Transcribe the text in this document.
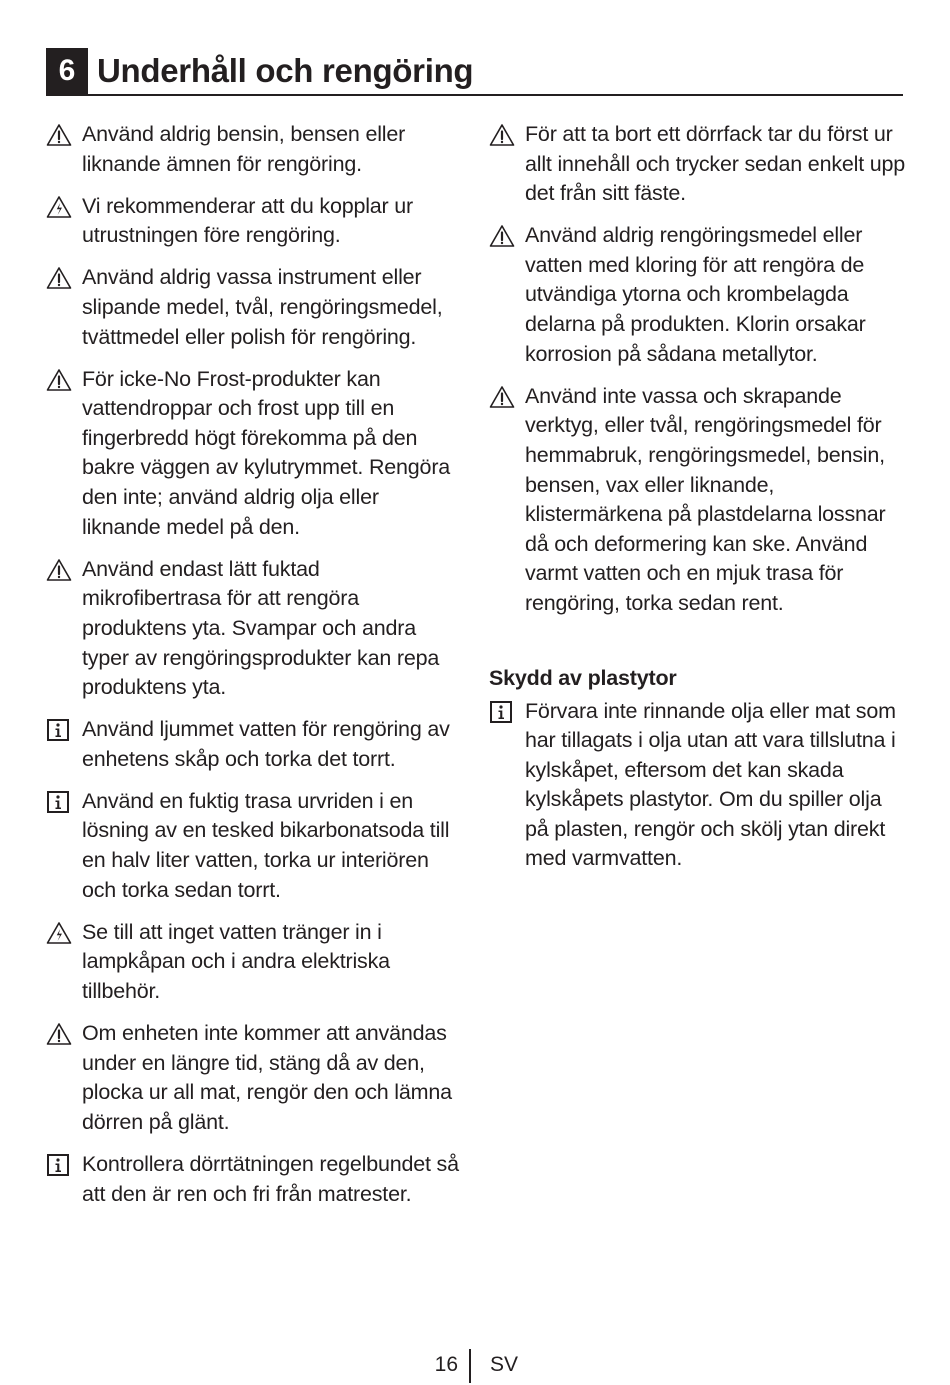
6 Underhåll och rengöring
Använd aldrig bensin, bensen eller liknande ämnen för rengöring.
Vi rekommenderar att du kopplar ur utrustningen före rengöring.
Använd aldrig vassa instrument eller slipande medel, tvål, rengöringsmedel, tvättmedel eller polish för rengöring.
För icke-No Frost-produkter kan vattendroppar och frost upp till en fingerbredd högt förekomma på den bakre väggen av kylutrymmet. Rengöra den inte; använd aldrig olja eller liknande medel på den.
Använd endast lätt fuktad mikrofibertrasa för att rengöra produktens yta. Svampar och andra typer av rengöringsprodukter kan repa produktens yta.
Använd ljummet vatten för rengöring av enhetens skåp och torka det torrt.
Använd en fuktig trasa urvriden i en lösning av en tesked bikarbonatsoda till en halv liter vatten, torka ur interiören och torka sedan torrt.
Se till att inget vatten tränger in i lampkåpan och i andra elektriska tillbehör.
Om enheten inte kommer att användas under en längre tid, stäng då av den, plocka ur all mat, rengör den och lämna dörren på glänt.
Kontrollera dörrtätningen regelbundet så att den är ren och fri från matrester.
För att ta bort ett dörrfack tar du först ur allt innehåll och trycker sedan enkelt upp det från sitt fäste.
Använd aldrig rengöringsmedel eller vatten med kloring för att rengöra de utvändiga ytorna och krombelagda delarna på produkten. Klorin orsakar korrosion på sådana metallytor.
Använd inte vassa och skrapande verktyg, eller tvål, rengöringsmedel för hemmabruk, rengöringsmedel, bensin, bensen, vax eller liknande, klistermärkena på plastdelarna lossnar då och deformering kan ske. Använd varmt vatten och en mjuk trasa för rengöring, torka sedan rent.
Skydd av plastytor
Förvara inte rinnande olja eller mat som har tillagats i olja utan att vara tillslutna i kylskåpet, eftersom det kan skada kylskåpets plastytor. Om du spiller olja på plasten, rengör och skölj ytan direkt med varmvatten.
16 SV
